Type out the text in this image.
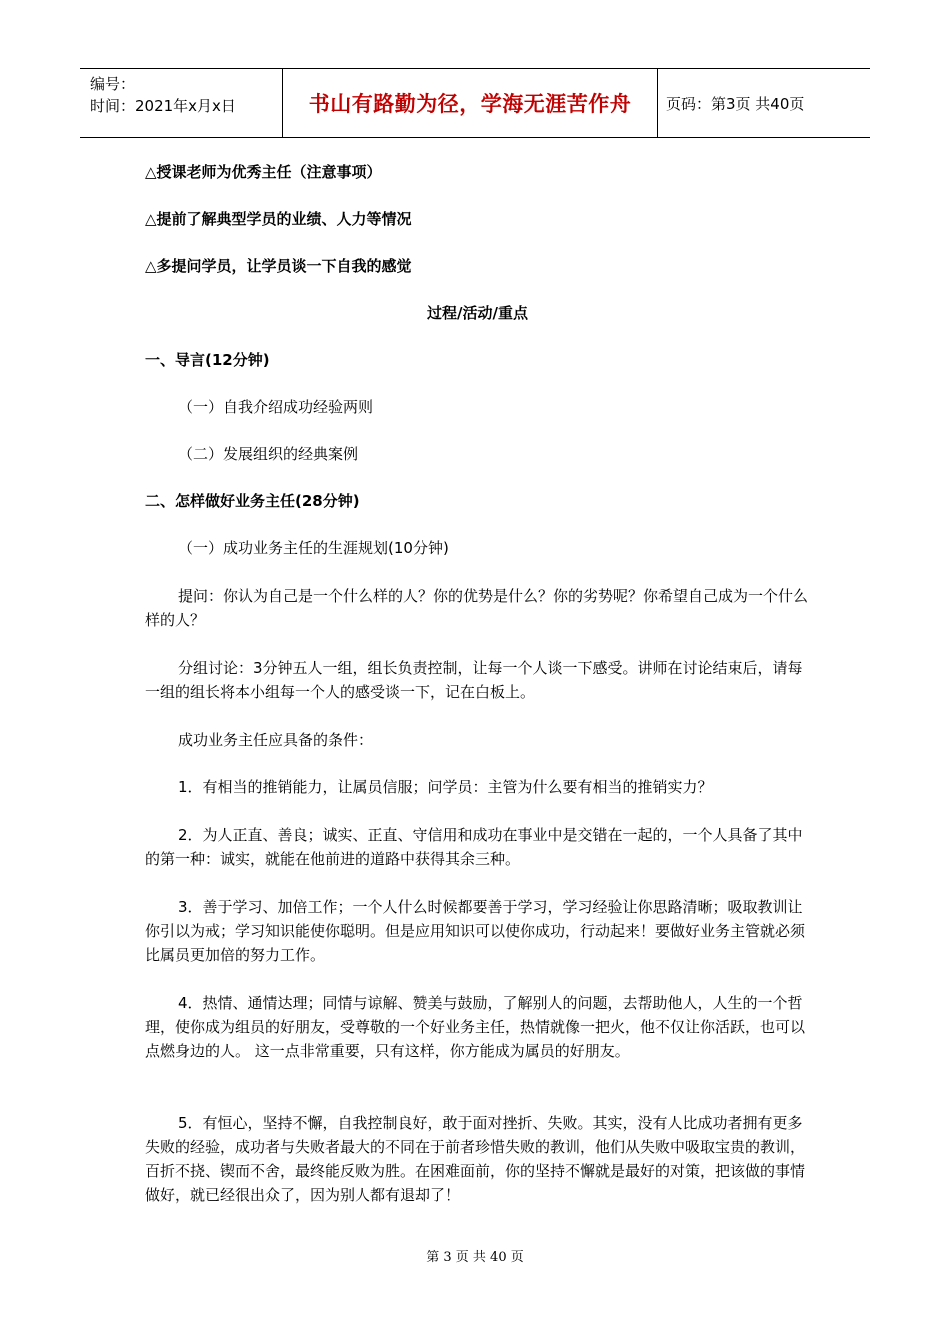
编号：
时间：2021年x月x日	书山有路勤为径，学海无涯苦作舟	页码：第3页 共40页
△授课老师为优秀主任（注意事项）
△提前了解典型学员的业绩、人力等情况
△多提问学员，让学员谈一下自我的感觉
过程/活动/重点
一、导言(12分钟)
（一）自我介绍成功经验两则
（二）发展组织的经典案例
二、怎样做好业务主任(28分钟)
（一）成功业务主任的生涯规划(10分钟)
提问：你认为自己是一个什么样的人？你的优势是什么？你的劣势呢？你希望自己成为一个什么样的人？
分组讨论：3分钟五人一组，组长负责控制，让每一个人谈一下感受。讲师在讨论结束后，请每一组的组长将本小组每一个人的感受谈一下，记在白板上。
成功业务主任应具备的条件：
1．有相当的推销能力，让属员信服；问学员：主管为什么要有相当的推销实力？
2．为人正直、善良；诚实、正直、守信用和成功在事业中是交错在一起的，一个人具备了其中的第一种：诚实，就能在他前进的道路中获得其余三种。
3．善于学习、加倍工作；一个人什么时候都要善于学习，学习经验让你思路清晰；吸取教训让你引以为戒；学习知识能使你聪明。但是应用知识可以使你成功，行动起来！要做好业务主管就必须比属员更加倍的努力工作。
4．热情、通情达理；同情与谅解、赞美与鼓励，了解别人的问题，去帮助他人，人生的一个哲理，使你成为组员的好朋友，受尊敬的一个好业务主任，热情就像一把火，他不仅让你活跃，也可以点燃身边的人。 这一点非常重要，只有这样，你方能成为属员的好朋友。
5．有恒心，坚持不懈，自我控制良好，敢于面对挫折、失败。其实，没有人比成功者拥有更多失败的经验，成功者与失败者最大的不同在于前者珍惜失败的教训，他们从失败中吸取宝贵的教训，百折不挠、锲而不舍，最终能反败为胜。在困难面前，你的坚持不懈就是最好的对策，把该做的事情做好，就已经很出众了，因为别人都有退却了！
第 3 页 共 40 页
